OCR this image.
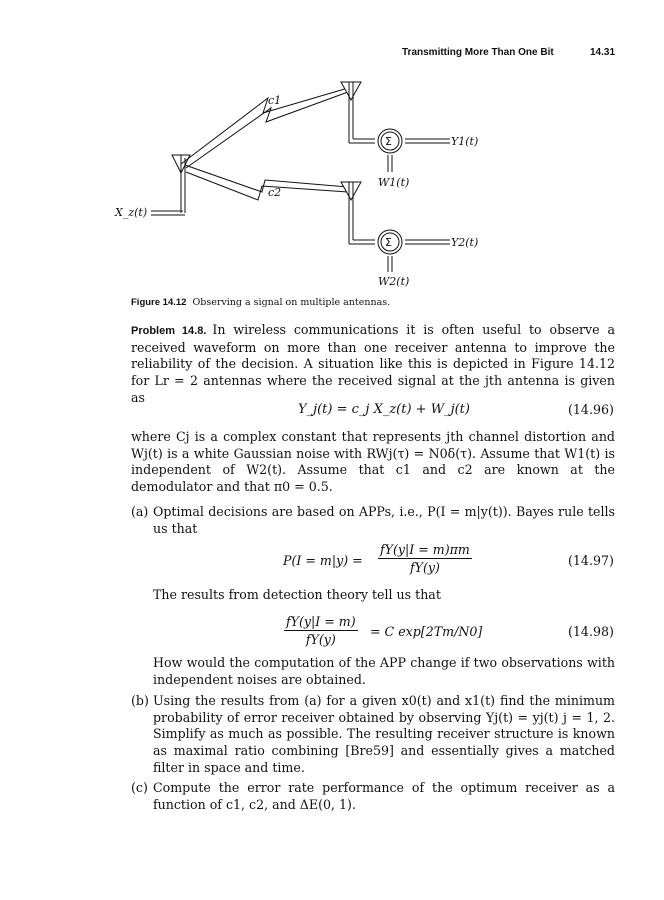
Transmitting More Than One Bit	14.31
c1
c2
X_z(t)
Y1(t)
Y2(t)
W1(t)
W2(t)
Σ
Σ
Figure 14.12 Observing a signal on multiple antennas.
Problem 14.8. In wireless communications it is often useful to observe a received waveform on more than one receiver antenna to improve the reliability of the decision. A situation like this is depicted in Figure 14.12 for Lr = 2 antennas where the received signal at the jth antenna is given as
Y_j(t) = c_j X_z(t) + W_j(t)	(14.96)
where Cj is a complex constant that represents jth channel distortion and Wj(t) is a white Gaussian noise with RWj(τ) = N0δ(τ). Assume that W1(t) is independent of W2(t). Assume that c1 and c2 are known at the demodulator and that π0 = 0.5.
(a) Optimal decisions are based on APPs, i.e., P(I = m|y(t)). Bayes rule tells us that
$P(I = m|y) = \frac{fY(y|I = m)\pi m}{fY(y)}$	(14.97)
The results from detection theory tell us that
$\frac{fY(y|I = m)}{fY(y)} = C$ exp[2Tm/N0]	(14.98)
How would the computation of the APP change if two observations with independent noises are obtained.
(b) Using the results from (a) for a given x0(t) and x1(t) find the minimum probability of error receiver obtained by observing Yj(t) = yj(t) j = 1, 2. Simplify as much as possible. The resulting receiver structure is known as maximal ratio combining [Bre59] and essentially gives a matched filter in space and time.
(c) Compute the error rate performance of the optimum receiver as a function of c1, c2, and ΔE(0, 1).
